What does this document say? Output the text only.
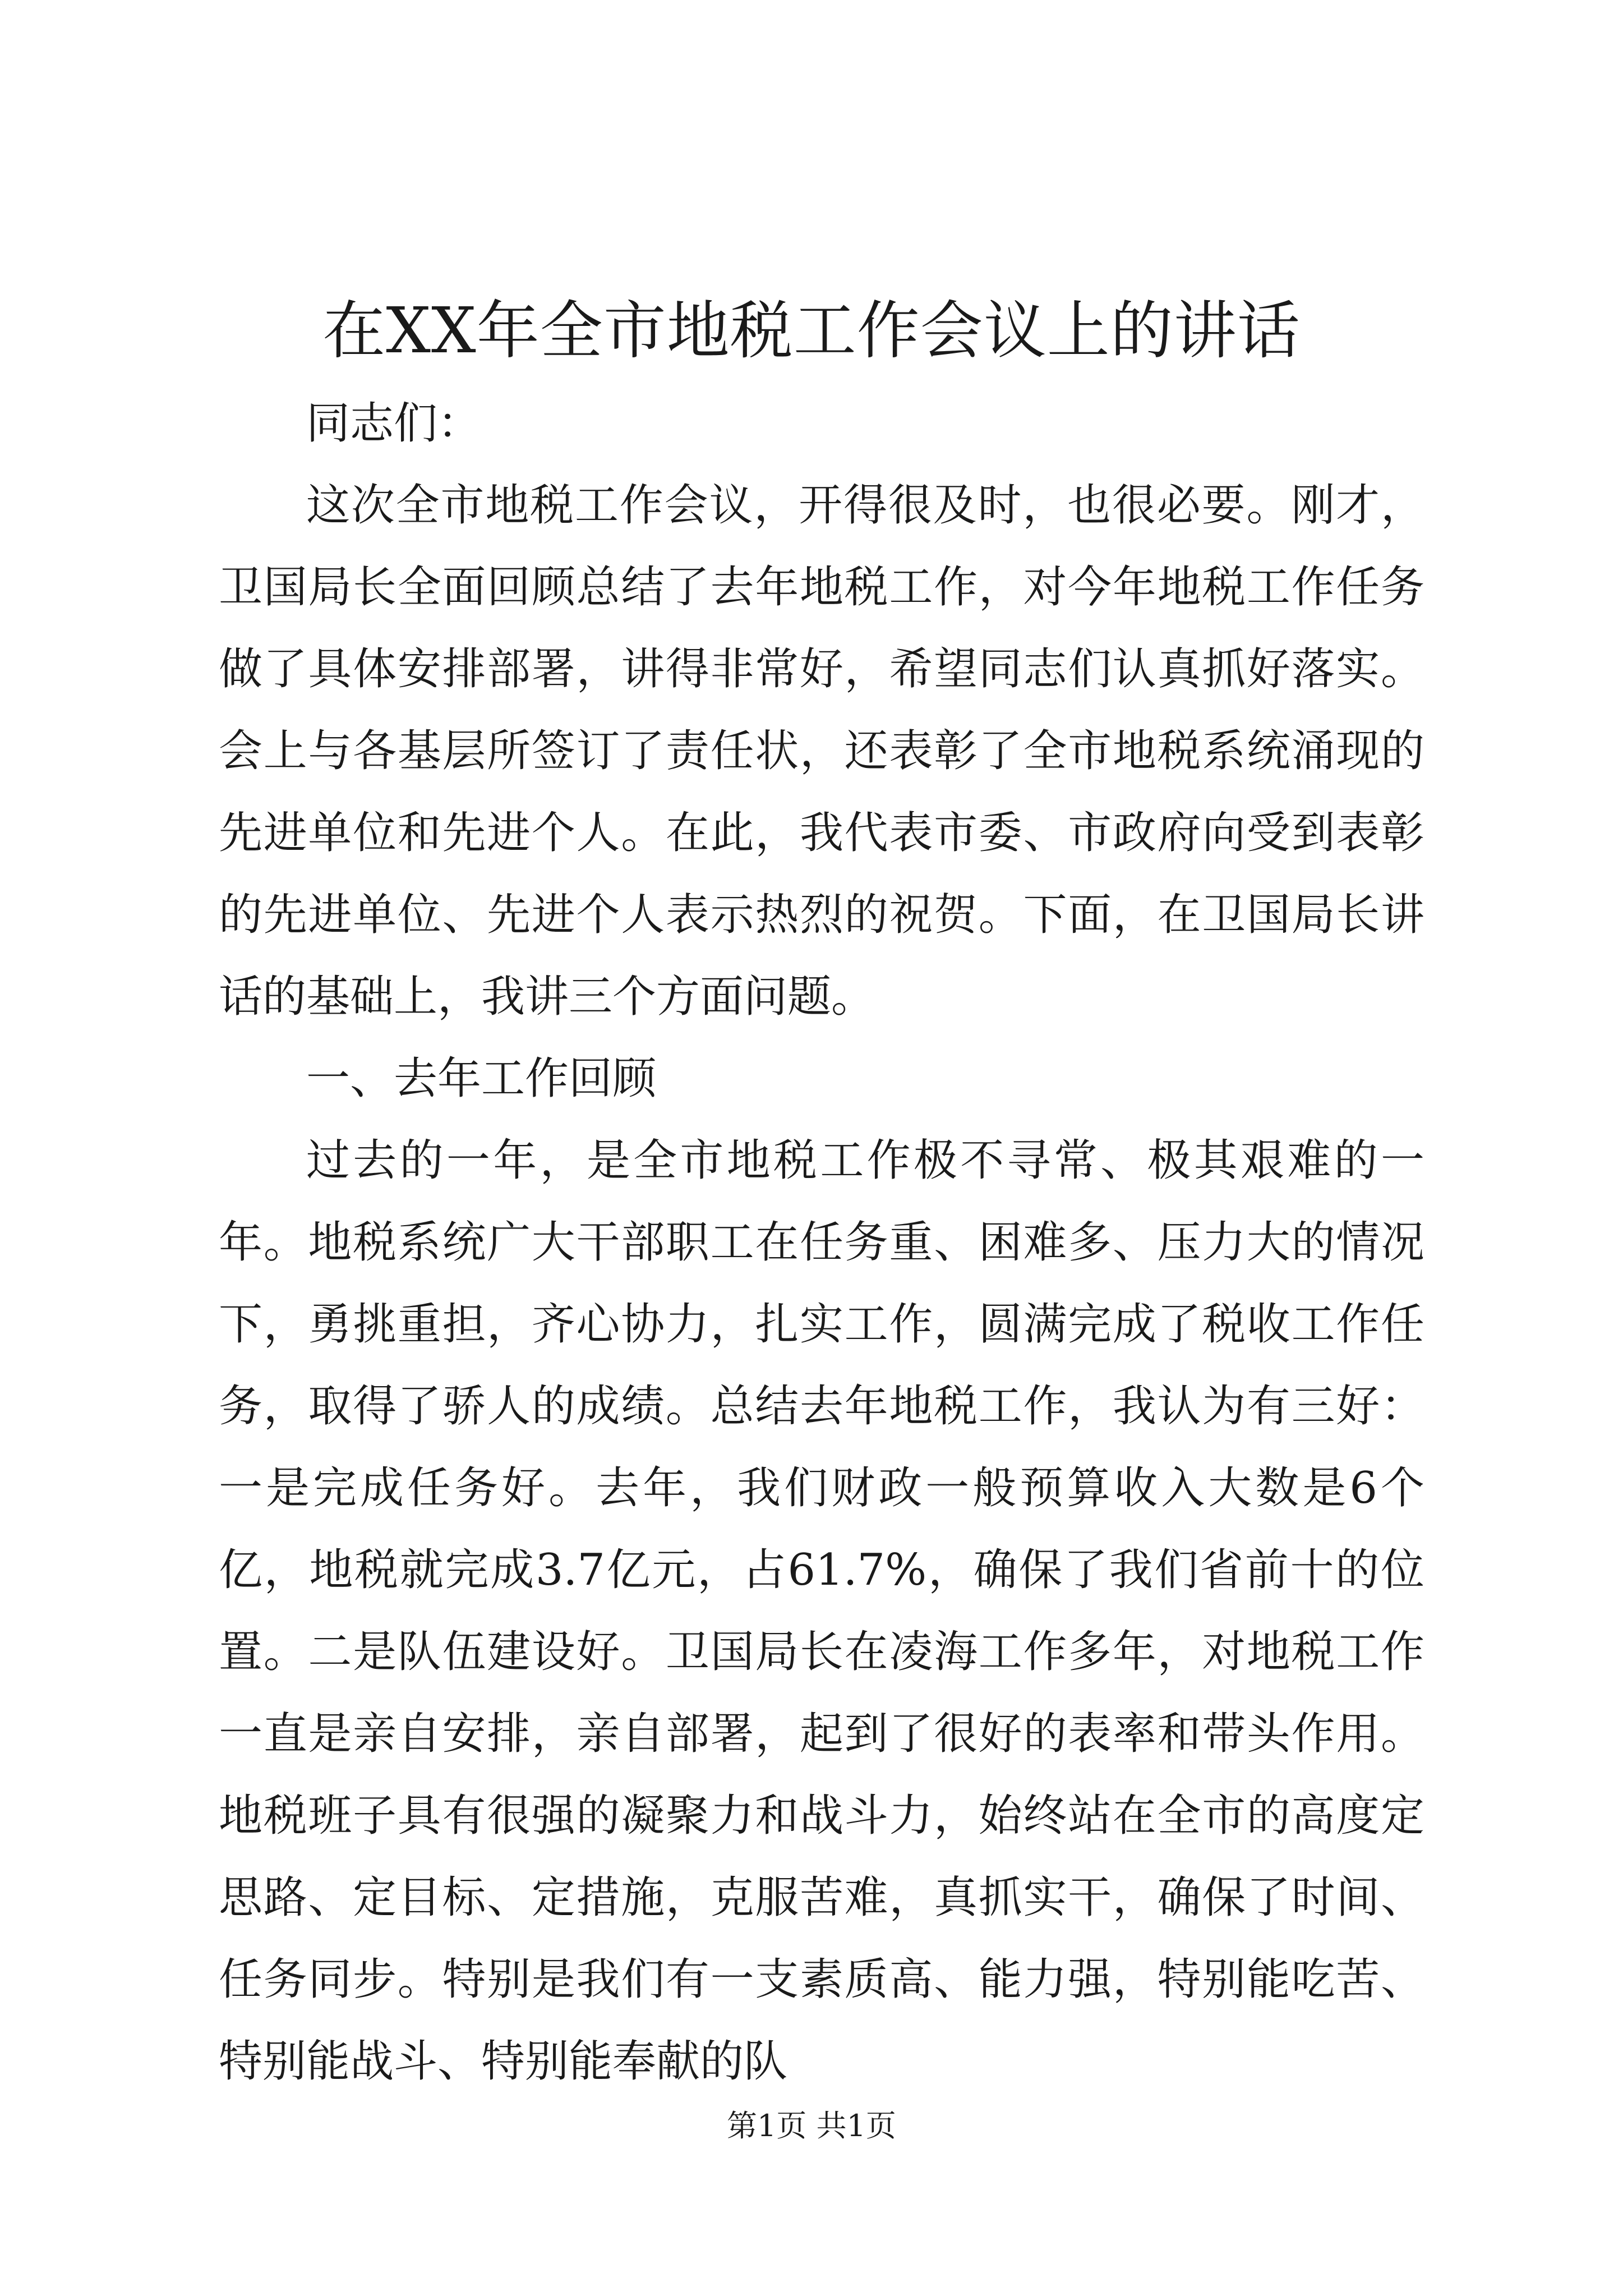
在XX年全市地税工作会议上的讲话

同志们：

这次全市地税工作会议，开得很及时，也很必要。刚才，卫国局长全面回顾总结了去年地税工作，对今年地税工作任务做了具体安排部署，讲得非常好，希望同志们认真抓好落实。会上与各基层所签订了责任状，还表彰了全市地税系统涌现的先进单位和先进个人。在此，我代表市委、市政府向受到表彰的先进单位、先进个人表示热烈的祝贺。下面，在卫国局长讲话的基础上，我讲三个方面问题。

一、去年工作回顾

过去的一年，是全市地税工作极不寻常、极其艰难的一年。地税系统广大干部职工在任务重、困难多、压力大的情况下，勇挑重担，齐心协力，扎实工作，圆满完成了税收工作任务，取得了骄人的成绩。总结去年地税工作，我认为有三好：一是完成任务好。去年，我们财政一般预算收入大数是6个亿，地税就完成3.7亿元，占61.7%，确保了我们省前十的位置。二是队伍建设好。卫国局长在凌海工作多年，对地税工作一直是亲自安排，亲自部署，起到了很好的表率和带头作用。地税班子具有很强的凝聚力和战斗力，始终站在全市的高度定思路、定目标、定措施，克服苦难，真抓实干，确保了时间、任务同步。特别是我们有一支素质高、能力强，特别能吃苦、特别能战斗、特别能奉献的队

第1页 共1页
